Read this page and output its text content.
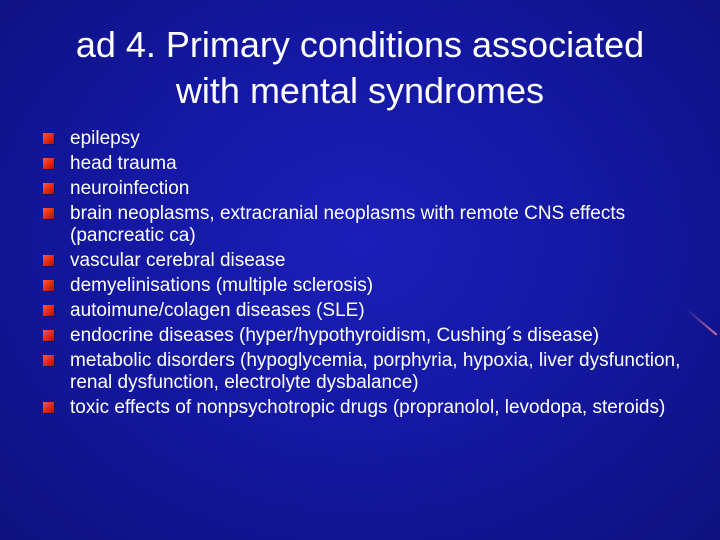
ad 4. Primary conditions associated
with mental syndromes
epilepsy
head trauma
neuroinfection
brain neoplasms, extracranial neoplasms with remote CNS effects (pancreatic ca)
vascular cerebral disease
demyelinisations (multiple sclerosis)
autoimune/colagen diseases (SLE)
endocrine diseases (hyper/hypothyroidism, Cushing´s disease)
metabolic disorders (hypoglycemia, porphyria, hypoxia, liver dysfunction, renal dysfunction, electrolyte dysbalance)
toxic effects of nonpsychotropic drugs (propranolol, levodopa, steroids)
